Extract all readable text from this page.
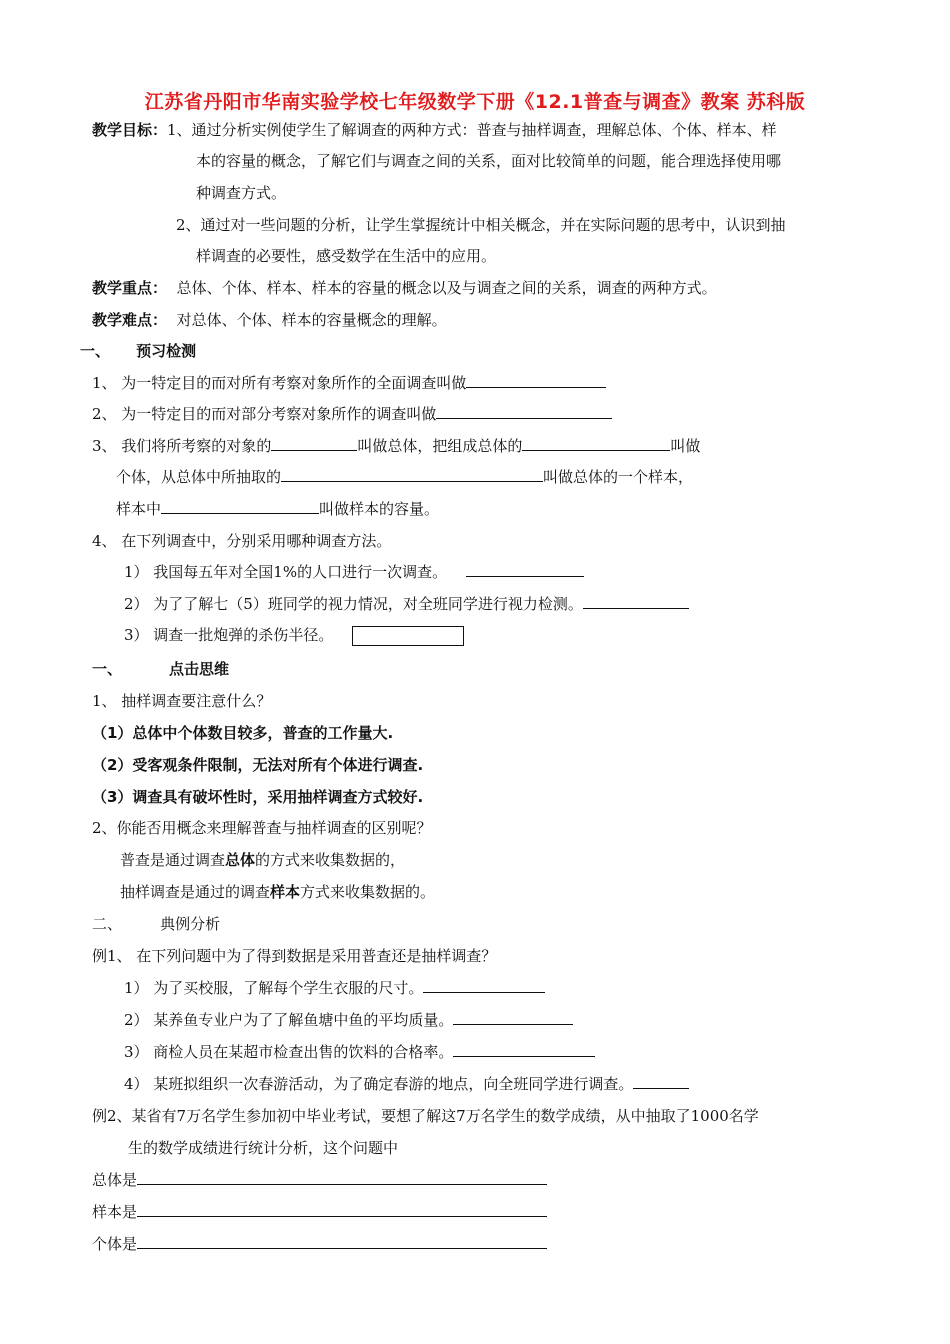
江苏省丹阳市华南实验学校七年级数学下册《12.1普查与调查》教案 苏科版
教学目标：1、通过分析实例使学生了解调查的两种方式：普查与抽样调查，理解总体、个体、样本、样
本的容量的概念，了解它们与调查之间的关系，面对比较简单的问题，能合理选择使用哪
种调查方式。
2、通过对一些问题的分析，让学生掌握统计中相关概念，并在实际问题的思考中，认识到抽
样调查的必要性，感受数学在生活中的应用。
教学重点： 总体、个体、样本、样本的容量的概念以及与调查之间的关系，调查的两种方式。
教学难点： 对总体、个体、样本的容量概念的理解。
一、 预习检测
1、 为一特定目的而对所有考察对象所作的全面调查叫做
2、 为一特定目的而对部分考察对象所作的调查叫做
3、 我们将所考察的对象的	叫做总体，把组成总体的	叫做
个体，从总体中所抽取的	叫做总体的一个样本，
样本中	叫做样本的容量。
4、 在下列调查中，分别采用哪种调查方法。
1） 我国每五年对全国1%的人口进行一次调查。
2） 为了了解七（5）班同学的视力情况，对全班同学进行视力检测。
3） 调查一批炮弹的杀伤半径。
一、	点击思维
1、 抽样调查要注意什么？
（1）总体中个体数目较多，普查的工作量大.
（2）受客观条件限制，无法对所有个体进行调查.
（3）调查具有破坏性时，采用抽样调查方式较好.
2、你能否用概念来理解普查与抽样调查的区别呢？
普查是通过调查总体的方式来收集数据的，
抽样调查是通过的调查样本方式来收集数据的。
二、	典例分析
例1、 在下列问题中为了得到数据是采用普查还是抽样调查？
1） 为了买校服，了解每个学生衣服的尺寸。
2） 某养鱼专业户为了了解鱼塘中鱼的平均质量。
3） 商检人员在某超市检查出售的饮料的合格率。
4） 某班拟组织一次春游活动，为了确定春游的地点，向全班同学进行调查。
例2、某省有7万名学生参加初中毕业考试，要想了解这7万名学生的数学成绩，从中抽取了1000名学
生的数学成绩进行统计分析，这个问题中
总体是
样本是
个体是
